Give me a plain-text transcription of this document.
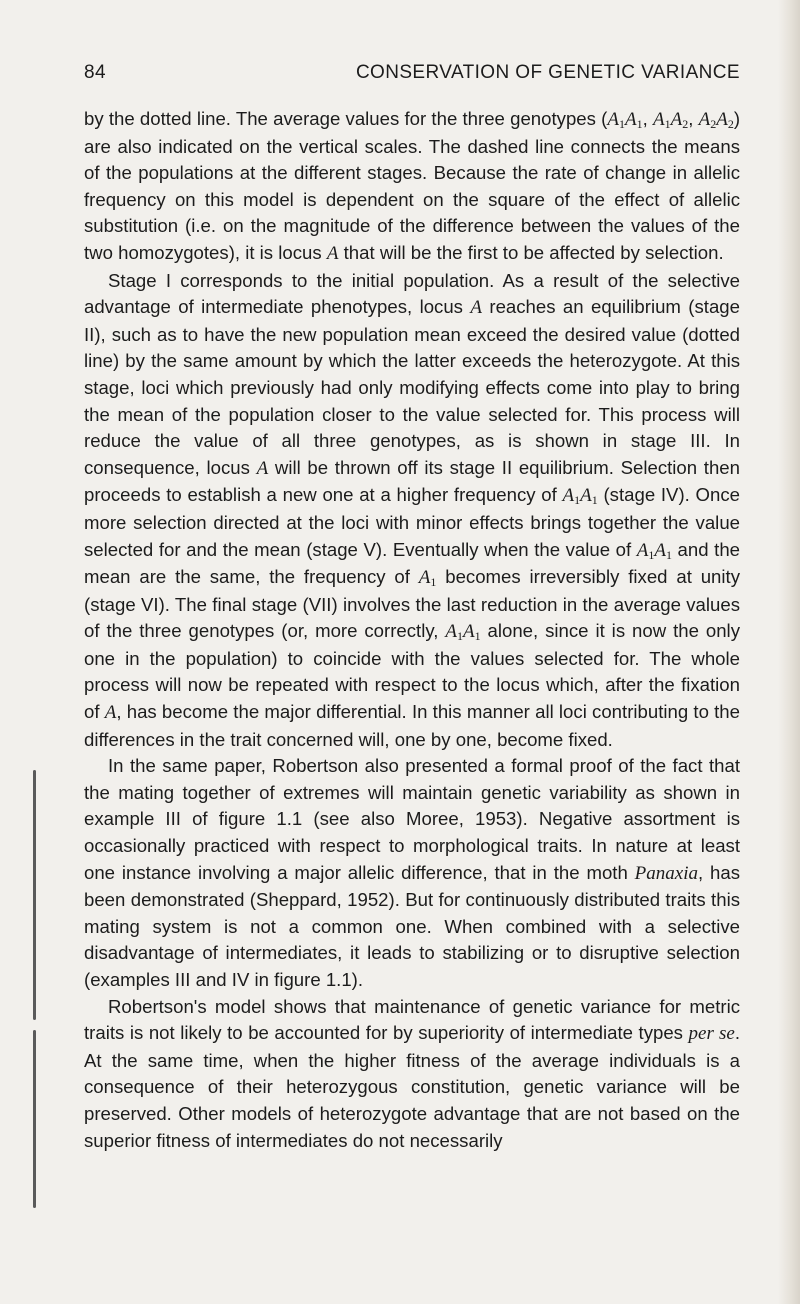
84	CONSERVATION OF GENETIC VARIANCE

by the dotted line. The average values for the three genotypes ($A_1A_1$, $A_1A_2$, $A_2A_2$) are also indicated on the vertical scales. The dashed line connects the means of the populations at the different stages. Because the rate of change in allelic frequency on this model is dependent on the square of the effect of allelic substitution (i.e. on the magnitude of the difference between the values of the two homozygotes), it is locus A that will be the first to be affected by selection.

Stage I corresponds to the initial population. As a result of the selective advantage of intermediate phenotypes, locus A reaches an equilibrium (stage II), such as to have the new population mean exceed the desired value (dotted line) by the same amount by which the latter exceeds the heterozygote. At this stage, loci which previously had only modifying effects come into play to bring the mean of the population closer to the value selected for. This process will reduce the value of all three genotypes, as is shown in stage III. In consequence, locus A will be thrown off its stage II equilibrium. Selection then proceeds to establish a new one at a higher frequency of $A_1A_1$ (stage IV). Once more selection directed at the loci with minor effects brings together the value selected for and the mean (stage V). Eventually when the value of $A_1A_1$ and the mean are the same, the frequency of $A_1$ becomes irreversibly fixed at unity (stage VI). The final stage (VII) involves the last reduction in the average values of the three genotypes (or, more correctly, $A_1A_1$ alone, since it is now the only one in the population) to coincide with the values selected for. The whole process will now be repeated with respect to the locus which, after the fixation of A, has become the major differential. In this manner all loci contributing to the differences in the trait concerned will, one by one, become fixed.

In the same paper, Robertson also presented a formal proof of the fact that the mating together of extremes will maintain genetic variability as shown in example III of figure 1.1 (see also Moree, 1953). Negative assortment is occasionally practiced with respect to morphological traits. In nature at least one instance involving a major allelic difference, that in the moth Panaxia, has been demonstrated (Sheppard, 1952). But for continuously distributed traits this mating system is not a common one. When combined with a selective disadvantage of intermediates, it leads to stabilizing or to disruptive selection (examples III and IV in figure 1.1).

Robertson's model shows that maintenance of genetic variance for metric traits is not likely to be accounted for by superiority of intermediate types per se. At the same time, when the higher fitness of the average individuals is a consequence of their heterozygous constitution, genetic variance will be preserved. Other models of heterozygote advantage that are not based on the superior fitness of intermediates do not necessarily
